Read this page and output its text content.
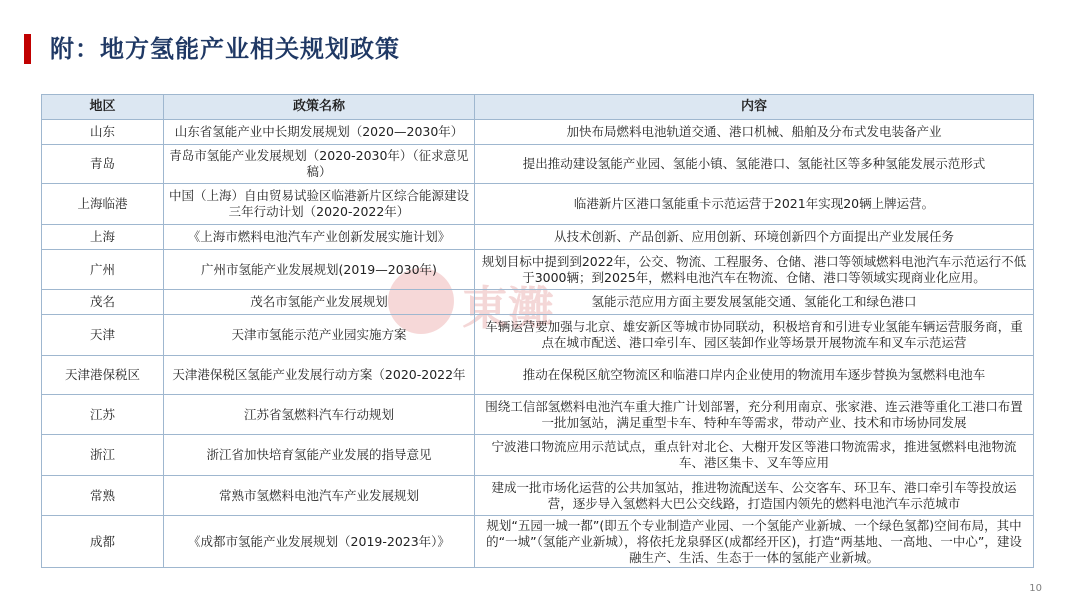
附：地方氢能产业相关规划政策
東灘
地区	政策名称	内容
山东	山东省氢能产业中长期发展规划（2020—2030年）	加快布局燃料电池轨道交通、港口机械、船舶及分布式发电装备产业
青岛	青岛市氢能产业发展规划（2020-2030年）（征求意见稿）	提出推动建设氢能产业园、氢能小镇、氢能港口、氢能社区等多种氢能发展示范形式
上海临港	中国（上海）自由贸易试验区临港新片区综合能源建设三年行动计划（2020-2022年）	临港新片区港口氢能重卡示范运营于2021年实现20辆上牌运营。
上海	《上海市燃料电池汽车产业创新发展实施计划》	从技术创新、产品创新、应用创新、环境创新四个方面提出产业发展任务
广州	广州市氢能产业发展规划(2019—2030年)	规划目标中提到到2022年，公交、物流、工程服务、仓储、港口等领域燃料电池汽车示范运行不低于3000辆；到2025年，燃料电池汽车在物流、仓储、港口等领域实现商业化应用。
茂名	茂名市氢能产业发展规划	氢能示范应用方面主要发展氢能交通、氢能化工和绿色港口
天津	天津市氢能示范产业园实施方案	车辆运营要加强与北京、雄安新区等城市协同联动，积极培育和引进专业氢能车辆运营服务商，重点在城市配送、港口牵引车、园区装卸作业等场景开展物流车和叉车示范运营
天津港保税区	天津港保税区氢能产业发展行动方案（2020-2022年	推动在保税区航空物流区和临港口岸内企业使用的物流用车逐步替换为氢燃料电池车
江苏	江苏省氢燃料汽车行动规划	围绕工信部氢燃料电池汽车重大推广计划部署，充分利用南京、张家港、连云港等重化工港口布置一批加氢站，满足重型卡车、特种车等需求，带动产业、技术和市场协同发展
浙江	浙江省加快培育氢能产业发展的指导意见	宁波港口物流应用示范试点，重点针对北仑、大榭开发区等港口物流需求，推进氢燃料电池物流车、港区集卡、叉车等应用
常熟	常熟市氢燃料电池汽车产业发展规划	建成一批市场化运营的公共加氢站，推进物流配送车、公交客车、环卫车、港口牵引车等投放运营，逐步导入氢燃料大巴公交线路，打造国内领先的燃料电池汽车示范城市
成都	《成都市氢能产业发展规划（2019-2023年）》	规划“五园一城一都”(即五个专业制造产业园、一个氢能产业新城、一个绿色氢都)空间布局，其中的“一城”（氢能产业新城），将依托龙泉驿区(成都经开区)，打造“两基地、一高地、一中心”，建设融生产、生活、生态于一体的氢能产业新城。
10
